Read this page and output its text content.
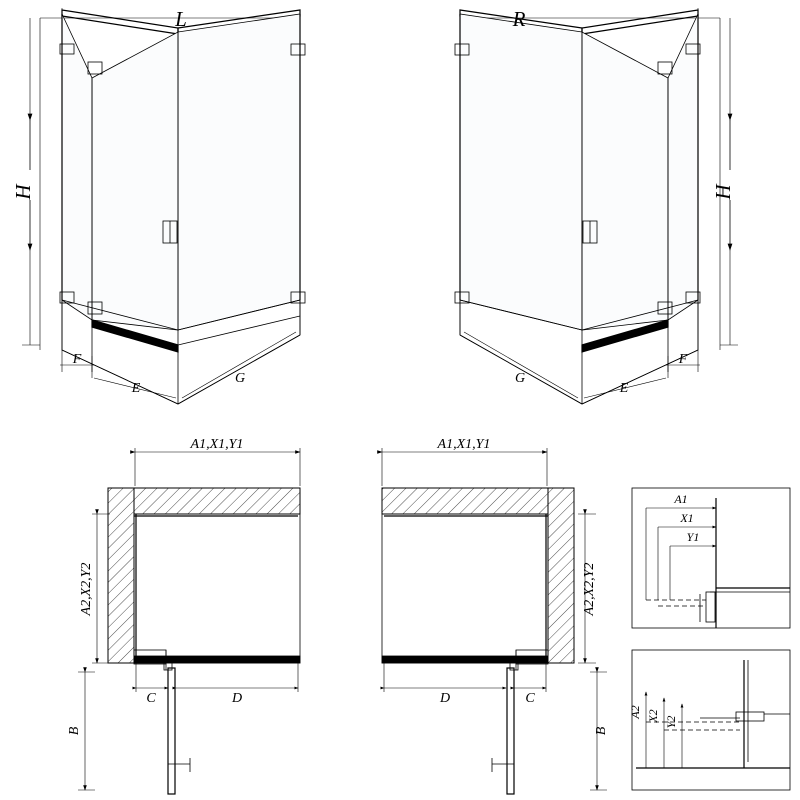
H
L
F
E
G
R
H
F
E
G
A1,X1,Y1
A2,X2,Y2
C	D
B
A1,X1,Y1
A2,X2,Y2
D	C
B
A1
X1
Y1
A2 X2 Y2
